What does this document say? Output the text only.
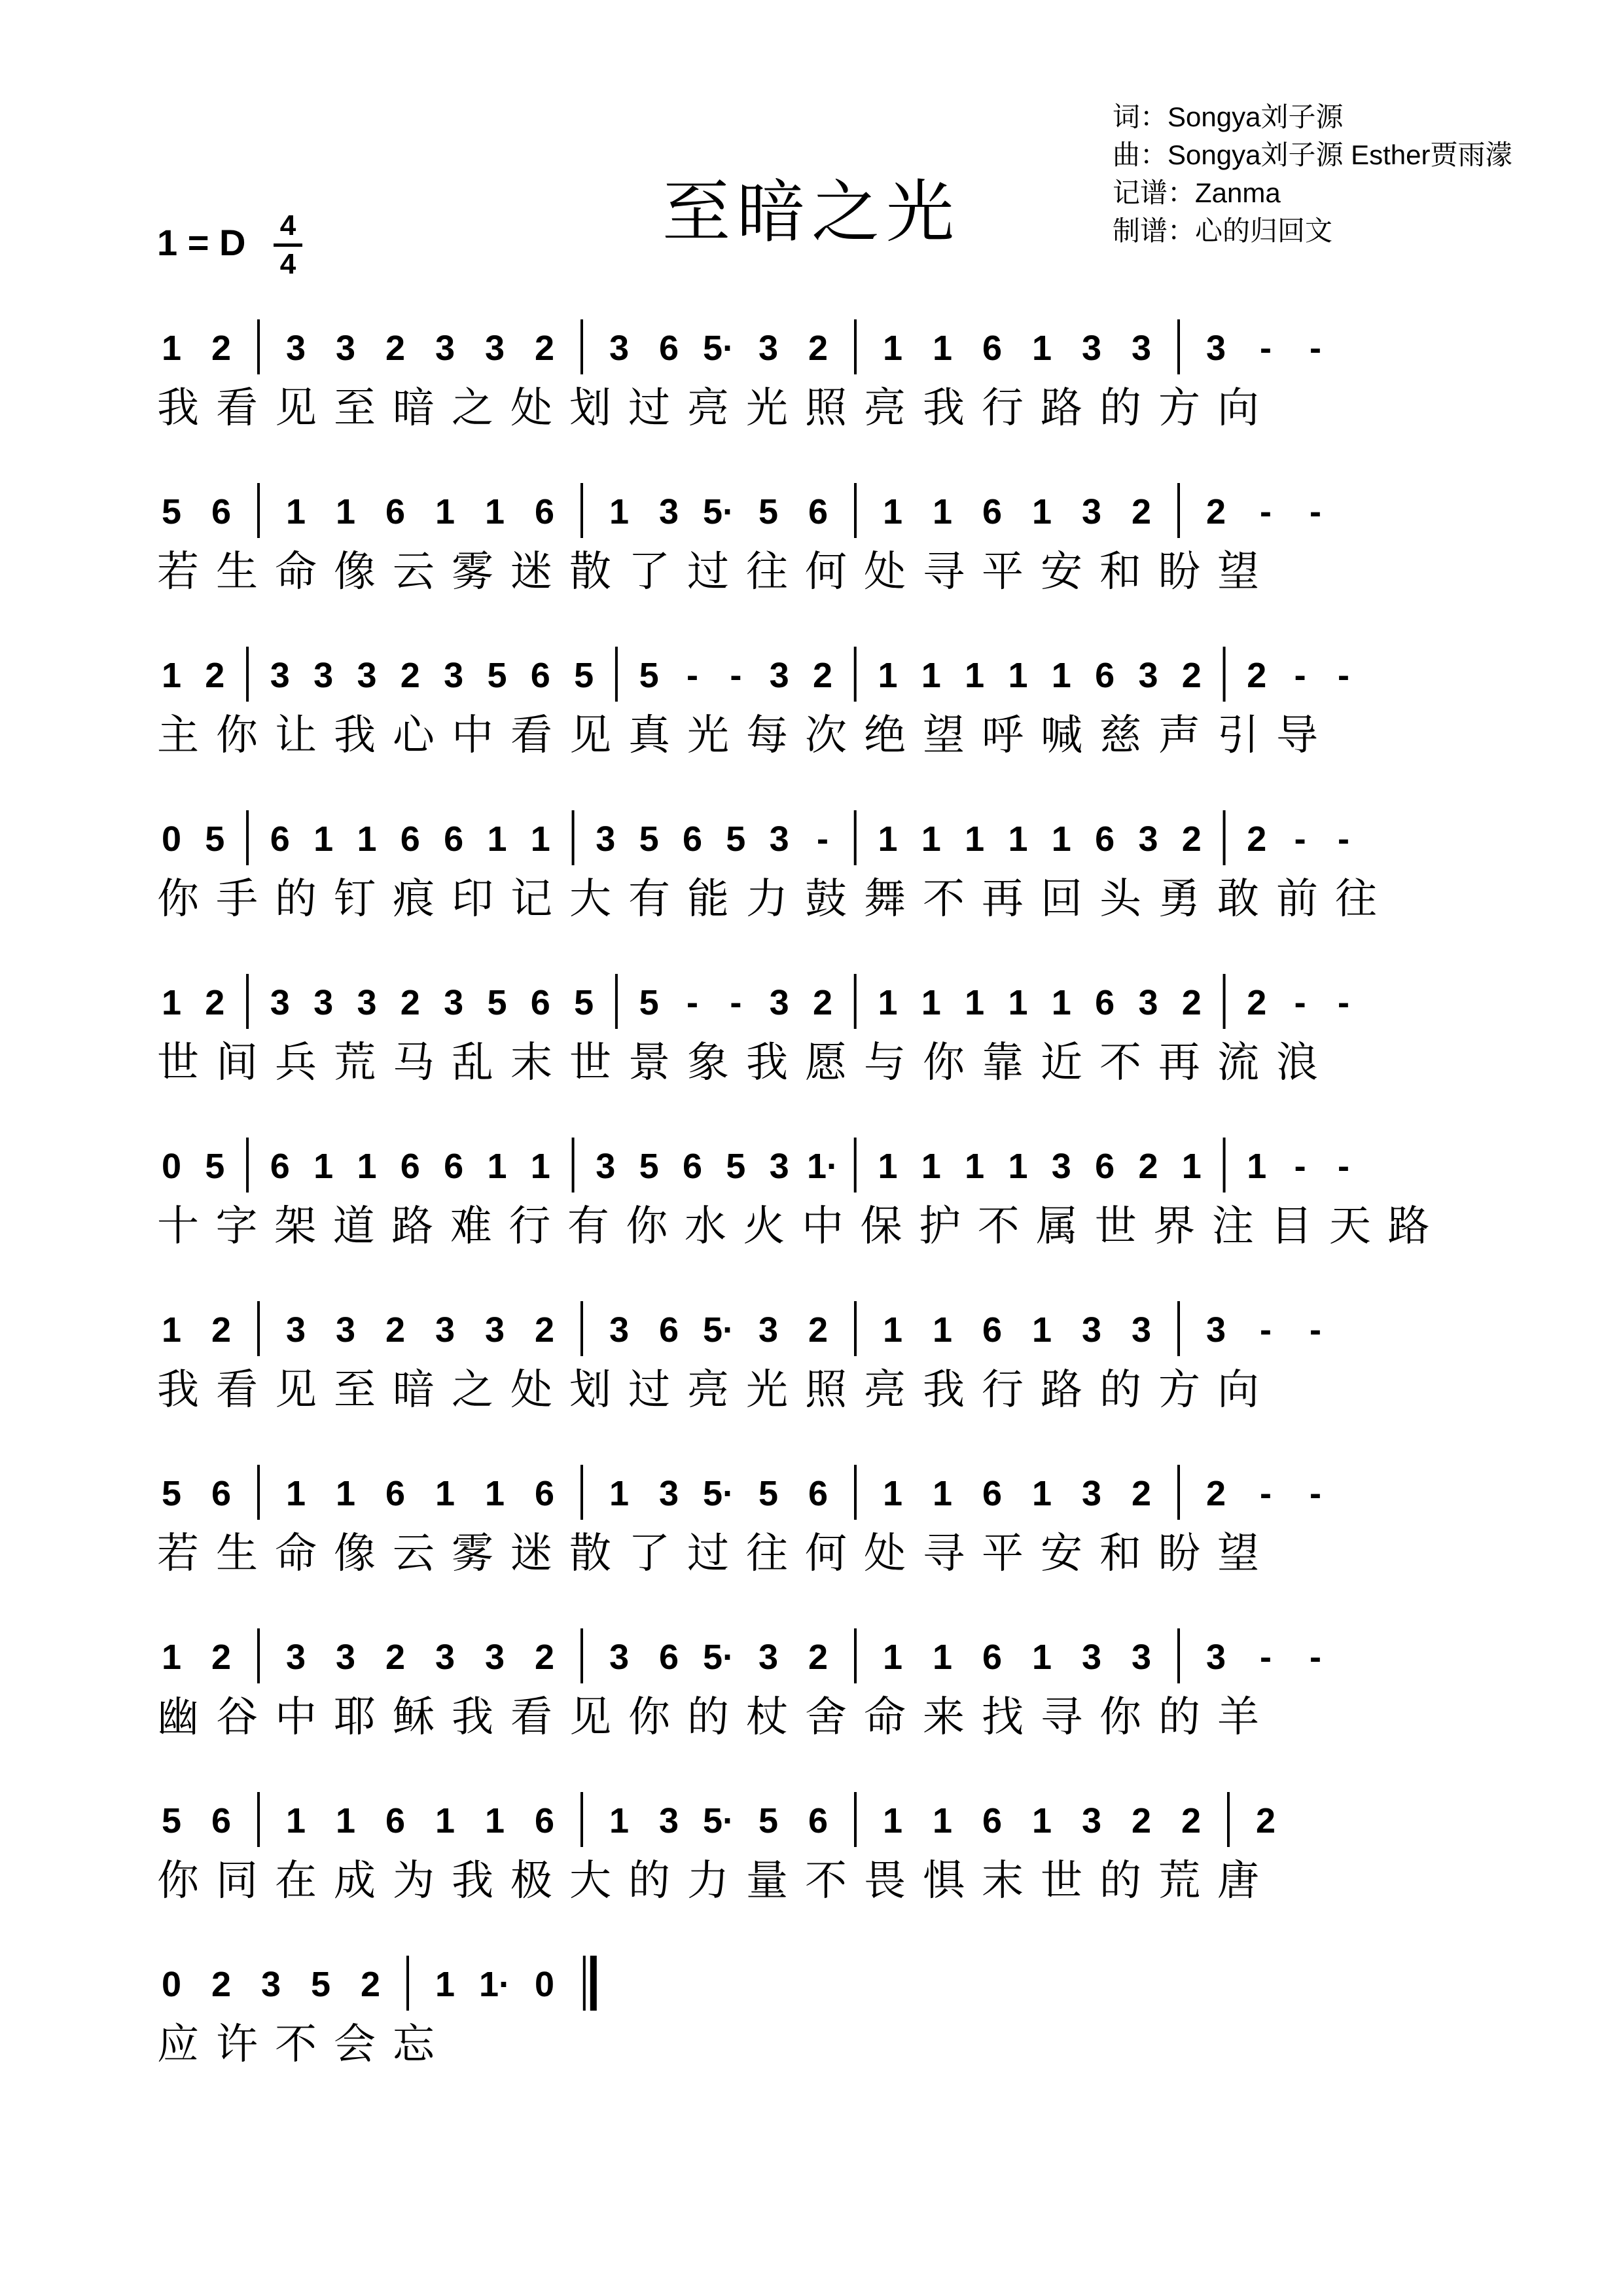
至暗之光
词：Songya刘子源
曲：Songya刘子源 Esther贾雨濛
记谱：Zanma
制谱：心的归回文
1 = D 4
4
1 2 3 3 2 3 3 2 3 6 5· 3 2 1 1 6 1 3 3 3 - -
我 看 见 至 暗 之 处 划 过 亮 光 照 亮 我 行 路 的 方 向
5 6 1 1 6 1 1 6 1 3 5· 5 6 1 1 6 1 3 2 2 - -
若 生 命 像 云 雾 迷 散 了 过 往 何 处 寻 平 安 和 盼 望
1 2 3 3 3 2 3 5 6 5 5 - - 3 2 1 1 1 1 1 6 3 2 2 - -
主 你 让 我 心 中 看 见 真 光 每 次 绝 望 呼 喊 慈 声 引 导
0 5 6 1 1 6 6 1 1 3 5 6 5 3 - 1 1 1 1 1 6 3 2 2 - -
你 手 的 钉 痕 印 记 大 有 能 力 鼓 舞 不 再 回 头 勇 敢 前 往
1 2 3 3 3 2 3 5 6 5 5 - - 3 2 1 1 1 1 1 6 3 2 2 - -
世 间 兵 荒 马 乱 末 世 景 象 我 愿 与 你 靠 近 不 再 流 浪
0 5 6 1 1 6 6 1 1 3 5 6 5 3 1· 1 1 1 1 3 6 2 1 1 - -
十 字 架 道 路 难 行 有 你 水 火 中 保 护 不 属 世 界 注 目 天 路
1 2 3 3 2 3 3 2 3 6 5· 3 2 1 1 6 1 3 3 3 - -
我 看 见 至 暗 之 处 划 过 亮 光 照 亮 我 行 路 的 方 向
5 6 1 1 6 1 1 6 1 3 5· 5 6 1 1 6 1 3 2 2 - -
若 生 命 像 云 雾 迷 散 了 过 往 何 处 寻 平 安 和 盼 望
1 2 3 3 2 3 3 2 3 6 5· 3 2 1 1 6 1 3 3 3 - -
幽 谷 中 耶 稣 我 看 见 你 的 杖 舍 命 来 找 寻 你 的 羊
5 6 1 1 6 1 1 6 1 3 5· 5 6 1 1 6 1 3 2 2 2
你 同 在 成 为 我 极 大 的 力 量 不 畏 惧 末 世 的 荒 唐
0 2 3 5 2 1 1· 0
应 许 不 会 忘
